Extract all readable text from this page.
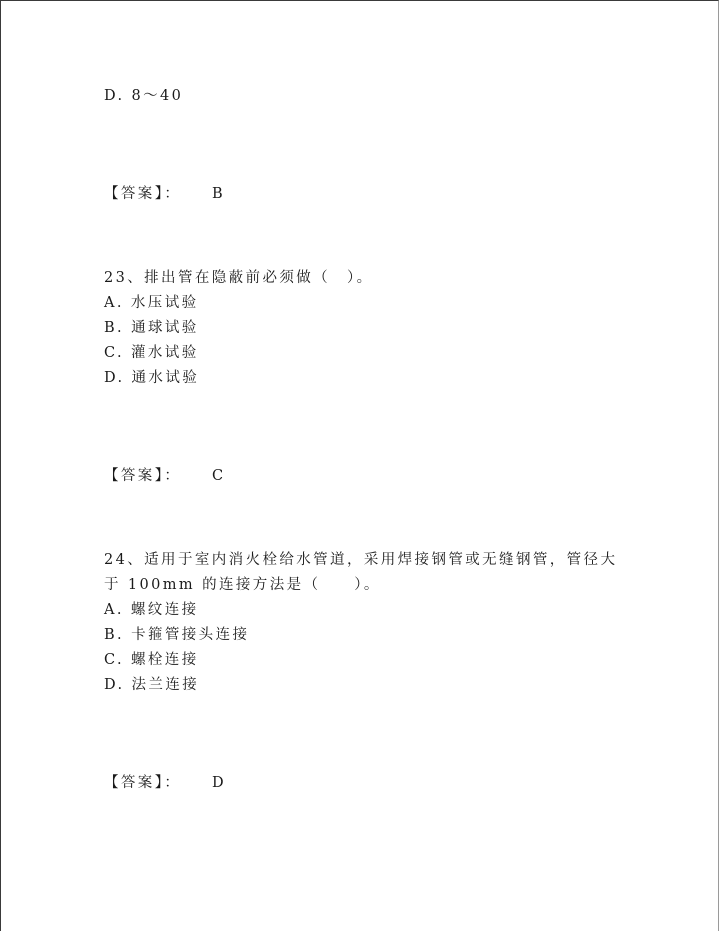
D. 8～40
【答案】： B
23、排出管在隐蔽前必须做（　）。
A. 水压试验
B. 通球试验
C. 灌水试验
D. 通水试验
【答案】： C
24、适用于室内消火栓给水管道，采用焊接钢管或无缝钢管，管径大
于 100mm 的连接方法是（　　）。
A. 螺纹连接
B. 卡箍管接头连接
C. 螺栓连接
D. 法兰连接
【答案】： D
